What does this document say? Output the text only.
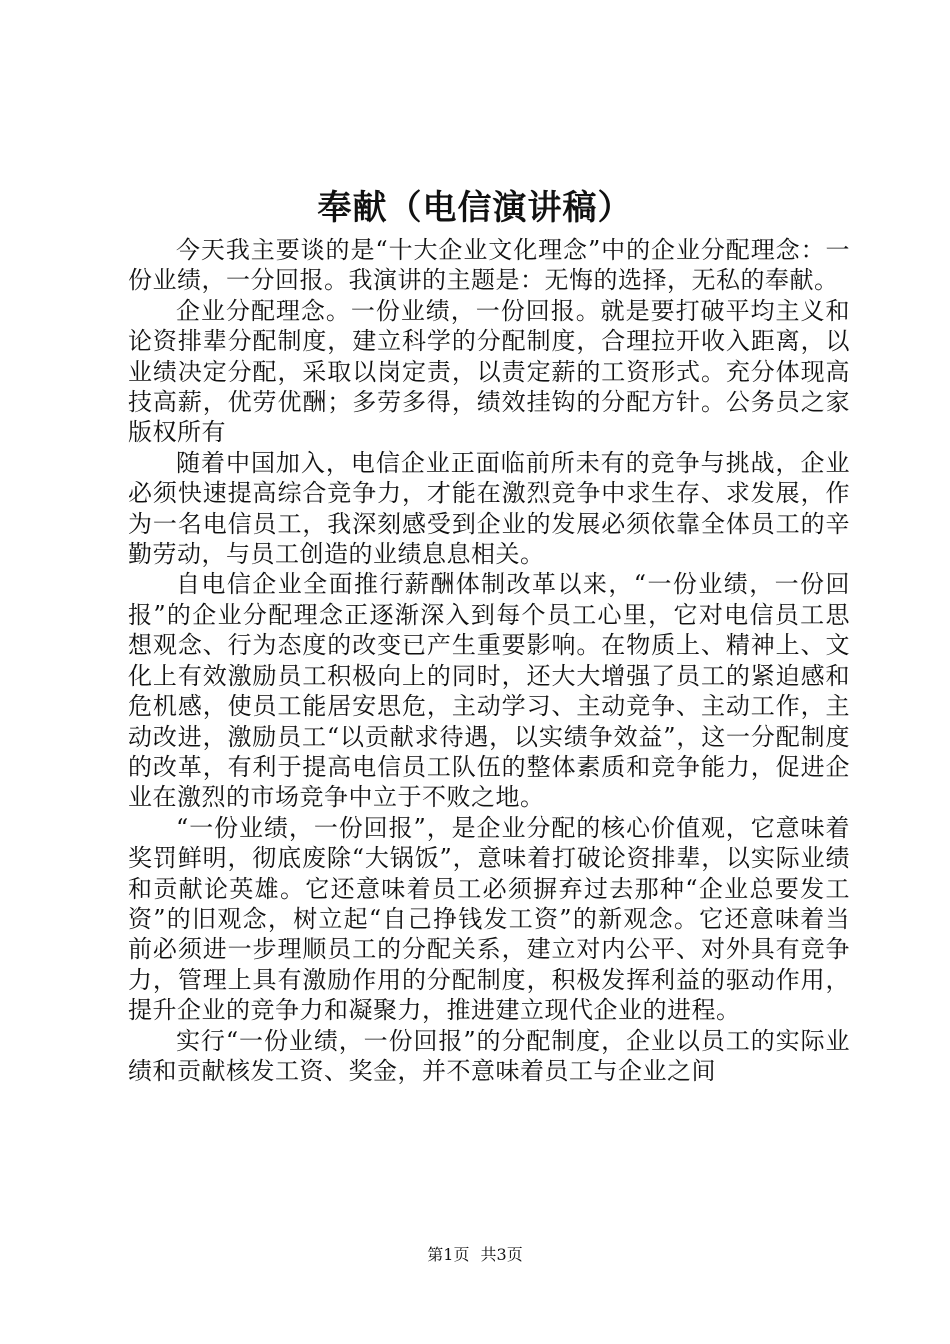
奉献（电信演讲稿）

今天我主要谈的是“十大企业文化理念”中的企业分配理念：一份业绩，一分回报。我演讲的主题是：无悔的选择，无私的奉献。

企业分配理念。一份业绩，一份回报。就是要打破平均主义和论资排辈分配制度，建立科学的分配制度，合理拉开收入距离，以业绩决定分配，采取以岗定责，以责定薪的工资形式。充分体现高技高薪，优劳优酬；多劳多得，绩效挂钩的分配方针。公务员之家版权所有

随着中国加入，电信企业正面临前所未有的竞争与挑战，企业必须快速提高综合竞争力，才能在激烈竞争中求生存、求发展，作为一名电信员工，我深刻感受到企业的发展必须依靠全体员工的辛勤劳动，与员工创造的业绩息息相关。

自电信企业全面推行薪酬体制改革以来，“一份业绩，一份回报”的企业分配理念正逐渐深入到每个员工心里，它对电信员工思想观念、行为态度的改变已产生重要影响。在物质上、精神上、文化上有效激励员工积极向上的同时，还大大增强了员工的紧迫感和危机感，使员工能居安思危，主动学习、主动竞争、主动工作，主动改进，激励员工“以贡献求待遇，以实绩争效益”，这一分配制度的改革，有利于提高电信员工队伍的整体素质和竞争能力，促进企业在激烈的市场竞争中立于不败之地。

“一份业绩，一份回报”，是企业分配的核心价值观，它意味着奖罚鲜明，彻底废除“大锅饭”，意味着打破论资排辈，以实际业绩和贡献论英雄。它还意味着员工必须摒弃过去那种“企业总要发工资”的旧观念，树立起“自己挣钱发工资”的新观念。它还意味着当前必须进一步理顺员工的分配关系，建立对内公平、对外具有竞争力，管理上具有激励作用的分配制度，积极发挥利益的驱动作用，提升企业的竞争力和凝聚力，推进建立现代企业的进程。

实行“一份业绩，一份回报”的分配制度，企业以员工的实际业绩和贡献核发工资、奖金，并不意味着员工与企业之间

第1页 共3页
